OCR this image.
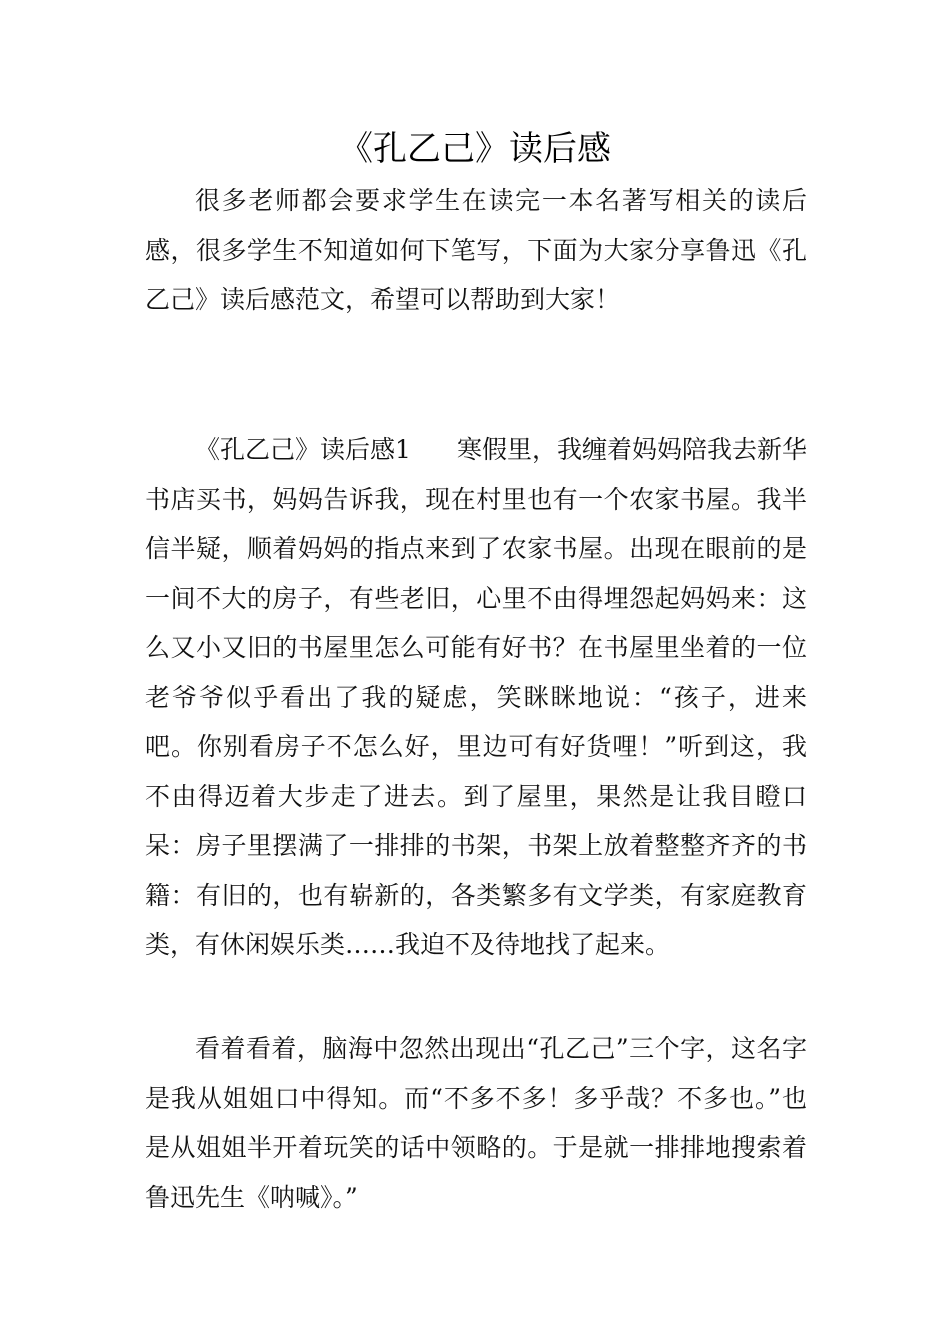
《孔乙己》读后感

很多老师都会要求学生在读完一本名著写相关的读后感，很多学生不知道如何下笔写，下面为大家分享鲁迅《孔乙己》读后感范文，希望可以帮助到大家！

《孔乙己》读后感1 寒假里，我缠着妈妈陪我去新华书店买书，妈妈告诉我，现在村里也有一个农家书屋。我半信半疑，顺着妈妈的指点来到了农家书屋。出现在眼前的是一间不大的房子，有些老旧，心里不由得埋怨起妈妈来：这么又小又旧的书屋里怎么可能有好书？在书屋里坐着的一位老爷爷似乎看出了我的疑虑，笑眯眯地说：“孩子，进来吧。你别看房子不怎么好，里边可有好货哩！”听到这，我不由得迈着大步走了进去。到了屋里，果然是让我目瞪口呆：房子里摆满了一排排的书架，书架上放着整整齐齐的书籍：有旧的，也有崭新的，各类繁多有文学类，有家庭教育类，有休闲娱乐类……我迫不及待地找了起来。

看着看着，脑海中忽然出现出“孔乙己”三个字，这名字是我从姐姐口中得知。而“不多不多！多乎哉？不多也。”也是从姐姐半开着玩笑的话中领略的。于是就一排排地搜索着鲁迅先生《呐喊》。”
